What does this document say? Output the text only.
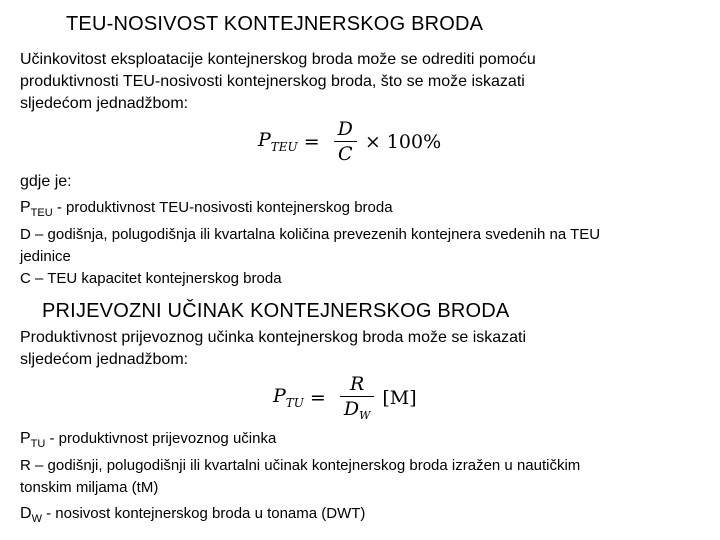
TEU-NOSIVOST KONTEJNERSKOG BRODA
Učinkovitost eksploatacije kontejnerskog broda može se odrediti pomoću
produktivnosti TEU-nosivosti kontejnerskog broda, što se može iskazati
sljedećom jednadžbom:
$P_{TEU} = \frac{D}{C} \times 100\%$
gdje je:
$P_{TEU}$ - produktivnost TEU-nosivosti kontejnerskog broda
D – godišnja, polugodišnja ili kvartalna količina prevezenih kontejnera svedenih na TEU
jedinice
C – TEU kapacitet kontejnerskog broda
PRIJEVOZNI UČINAK KONTEJNERSKOG BRODA
Produktivnost prijevoznog učinka kontejnerskog broda može se iskazati
sljedećom jednadžbom:
$P_{TU} = \frac{R}{D_W} [M]$
$P_{TU}$ - produktivnost prijevoznog učinka
R – godišnji, polugodišnji ili kvartalni učinak kontejnerskog broda izražen u nautičkim
tonskim miljama (tM)
$D_W$ - nosivost kontejnerskog broda u tonama (DWT)
